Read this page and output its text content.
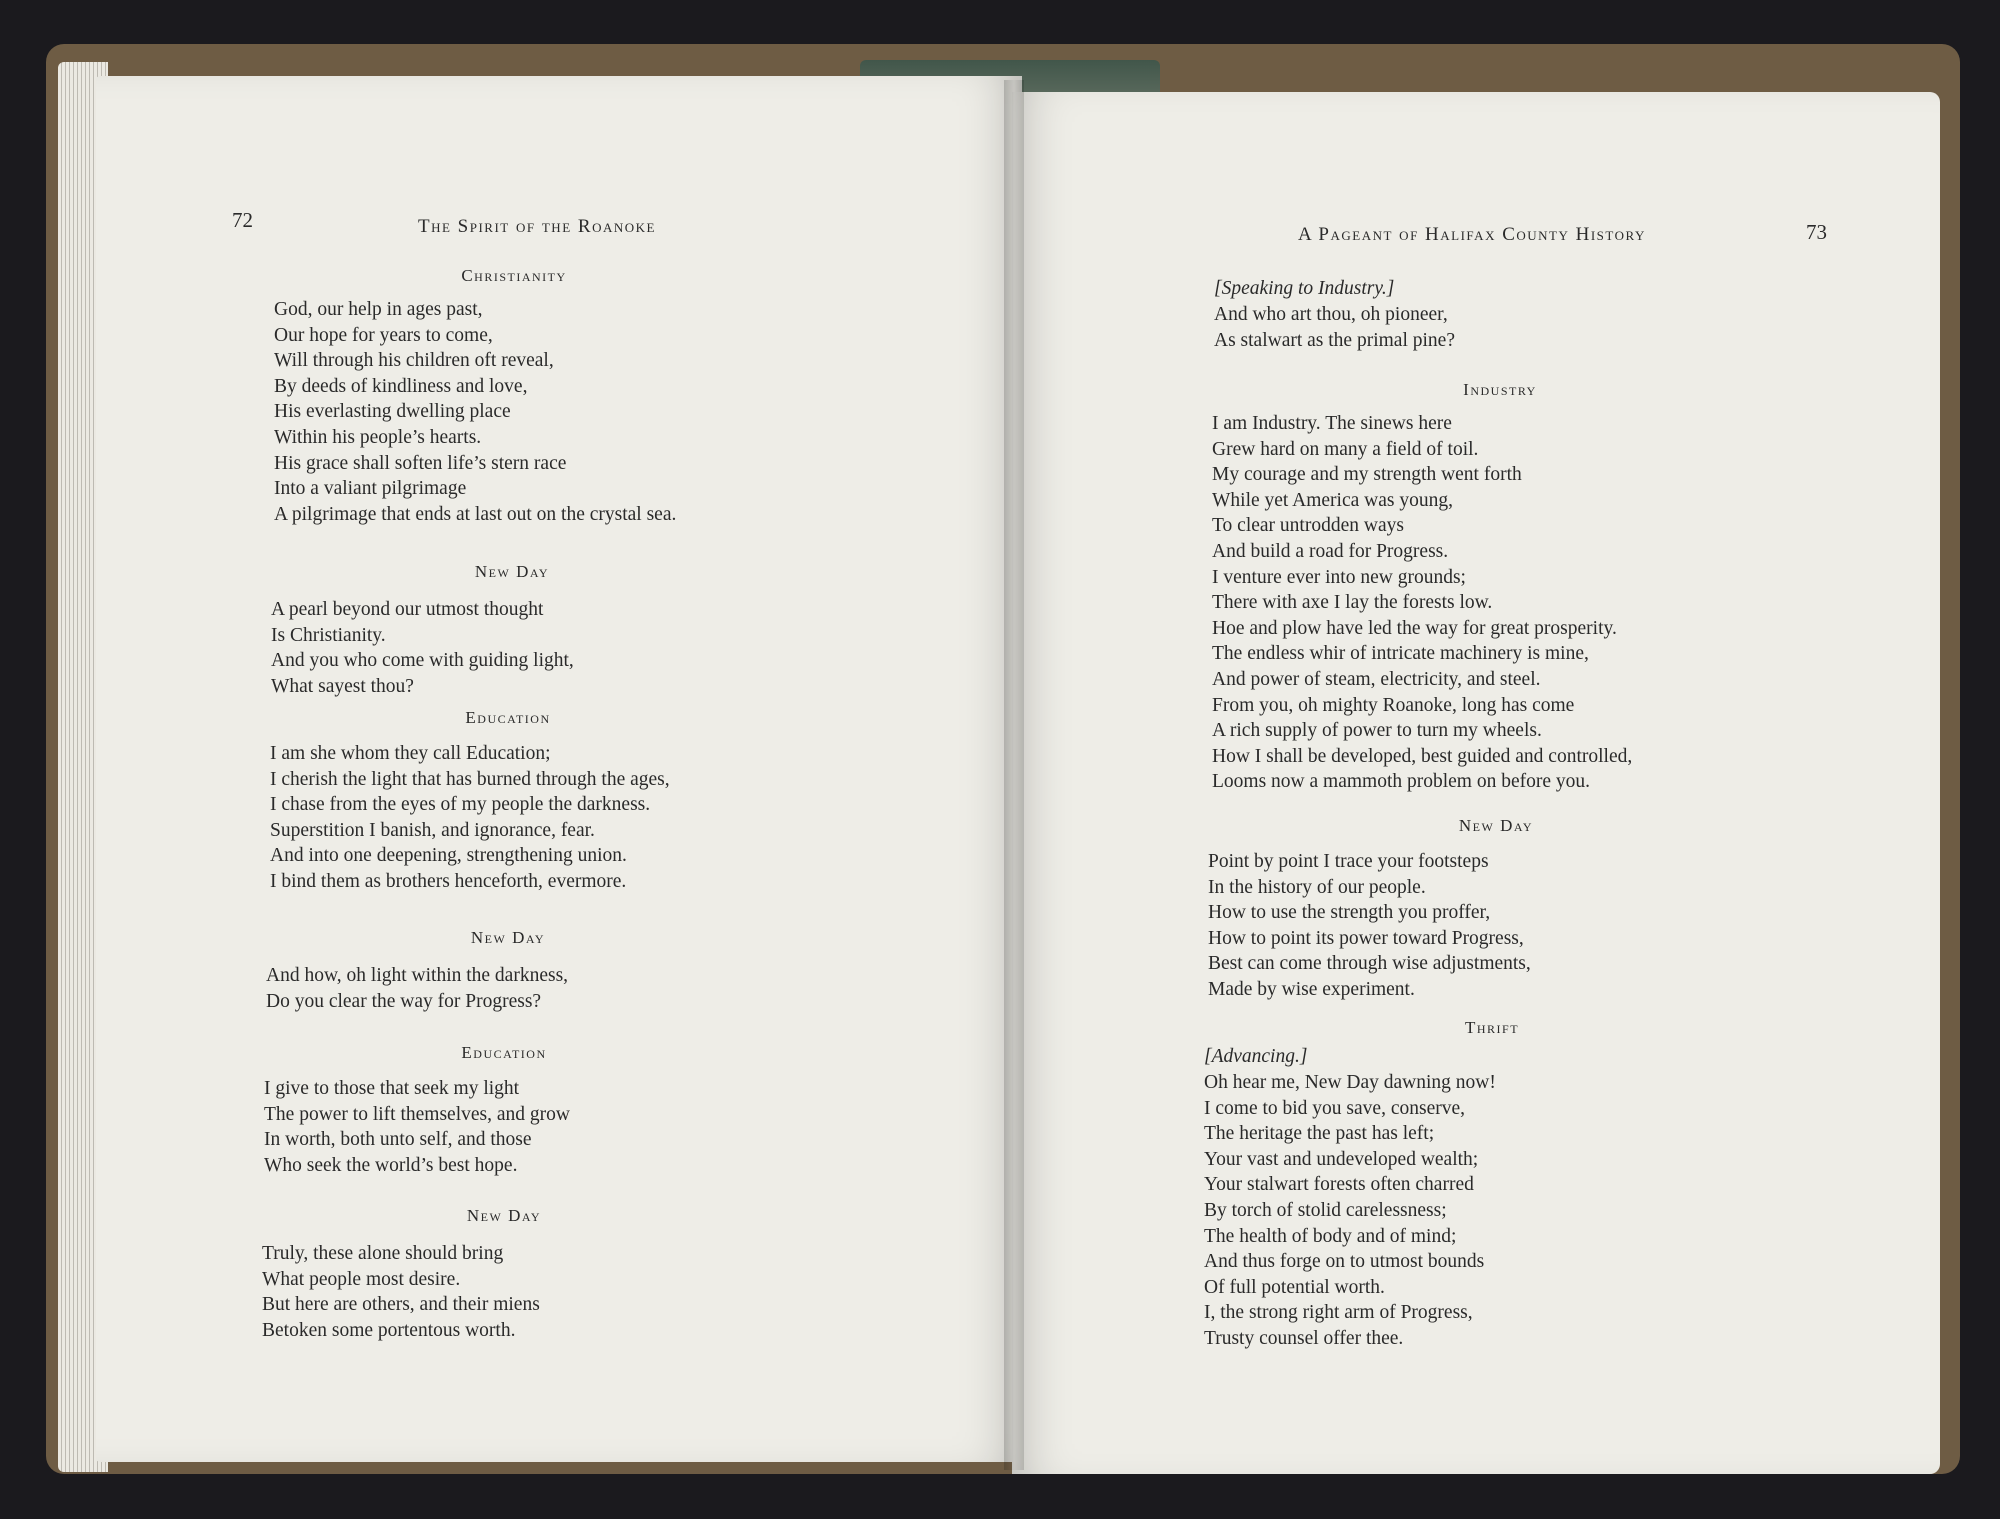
72	The Spirit of the Roanoke
Christianity
God, our help in ages past,
Our hope for years to come,
Will through his children oft reveal,
By deeds of kindliness and love,
His everlasting dwelling place
Within his people’s hearts.
His grace shall soften life’s stern race
Into a valiant pilgrimage
A pilgrimage that ends at last out on the crystal sea.
New Day
A pearl beyond our utmost thought
Is Christianity.
And you who come with guiding light,
What sayest thou?
Education
I am she whom they call Education;
I cherish the light that has burned through the ages,
I chase from the eyes of my people the darkness.
Superstition I banish, and ignorance, fear.
And into one deepening, strengthening union.
I bind them as brothers henceforth, evermore.
New Day
And how, oh light within the darkness,
Do you clear the way for Progress?
Education
I give to those that seek my light
The power to lift themselves, and grow
In worth, both unto self, and those
Who seek the world’s best hope.
New Day
Truly, these alone should bring
What people most desire.
But here are others, and their miens
Betoken some portentous worth.
A Pageant of Halifax County History	73
[Speaking to Industry.]
And who art thou, oh pioneer,
As stalwart as the primal pine?
Industry
I am Industry. The sinews here
Grew hard on many a field of toil.
My courage and my strength went forth
While yet America was young,
To clear untrodden ways
And build a road for Progress.
I venture ever into new grounds;
There with axe I lay the forests low.
Hoe and plow have led the way for great prosperity.
The endless whir of intricate machinery is mine,
And power of steam, electricity, and steel.
From you, oh mighty Roanoke, long has come
A rich supply of power to turn my wheels.
How I shall be developed, best guided and controlled,
Looms now a mammoth problem on before you.
New Day
Point by point I trace your footsteps
In the history of our people.
How to use the strength you proffer,
How to point its power toward Progress,
Best can come through wise adjustments,
Made by wise experiment.
Thrift
[Advancing.]
Oh hear me, New Day dawning now!
I come to bid you save, conserve,
The heritage the past has left;
Your vast and undeveloped wealth;
Your stalwart forests often charred
By torch of stolid carelessness;
The health of body and of mind;
And thus forge on to utmost bounds
Of full potential worth.
I, the strong right arm of Progress,
Trusty counsel offer thee.
